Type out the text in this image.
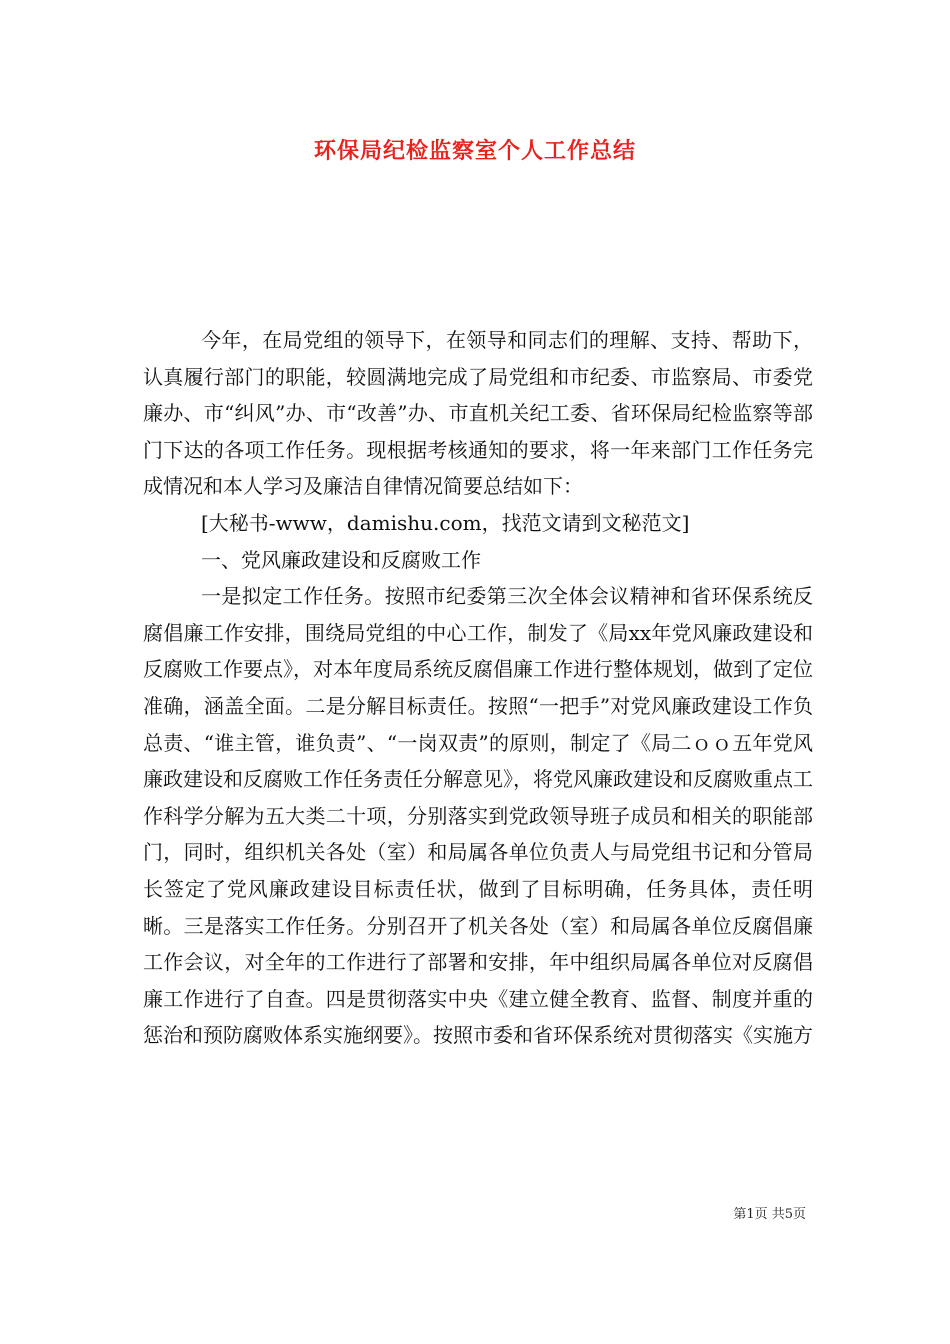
环保局纪检监察室个人工作总结

今年，在局党组的领导下，在领导和同志们的理解、支持、帮助下，认真履行部门的职能，较圆满地完成了局党组和市纪委、市监察局、市委党廉办、市“纠风”办、市“改善”办、市直机关纪工委、省环保局纪检监察等部门下达的各项工作任务。现根据考核通知的要求，将一年来部门工作任务完成情况和本人学习及廉洁自律情况简要总结如下：

[大秘书-www，damishu.com，找范文请到文秘范文]

一、党风廉政建设和反腐败工作

一是拟定工作任务。按照市纪委第三次全体会议精神和省环保系统反腐倡廉工作安排，围绕局党组的中心工作，制发了《局xx年党风廉政建设和反腐败工作要点》，对本年度局系统反腐倡廉工作进行整体规划，做到了定位准确，涵盖全面。二是分解目标责任。按照“一把手”对党风廉政建设工作负总责、“谁主管，谁负责”、“一岗双责”的原则，制定了《局二ｏｏ五年党风廉政建设和反腐败工作任务责任分解意见》，将党风廉政建设和反腐败重点工作科学分解为五大类二十项，分别落实到党政领导班子成员和相关的职能部门，同时，组织机关各处（室）和局属各单位负责人与局党组书记和分管局长签定了党风廉政建设目标责任状，做到了目标明确，任务具体，责任明晰。三是落实工作任务。分别召开了机关各处（室）和局属各单位反腐倡廉工作会议，对全年的工作进行了部署和安排，年中组织局属各单位对反腐倡廉工作进行了自查。四是贯彻落实中央《建立健全教育、监督、制度并重的惩治和预防腐败体系实施纲要》。按照市委和省环保系统对贯彻落实《实施方

第1页 共5页
